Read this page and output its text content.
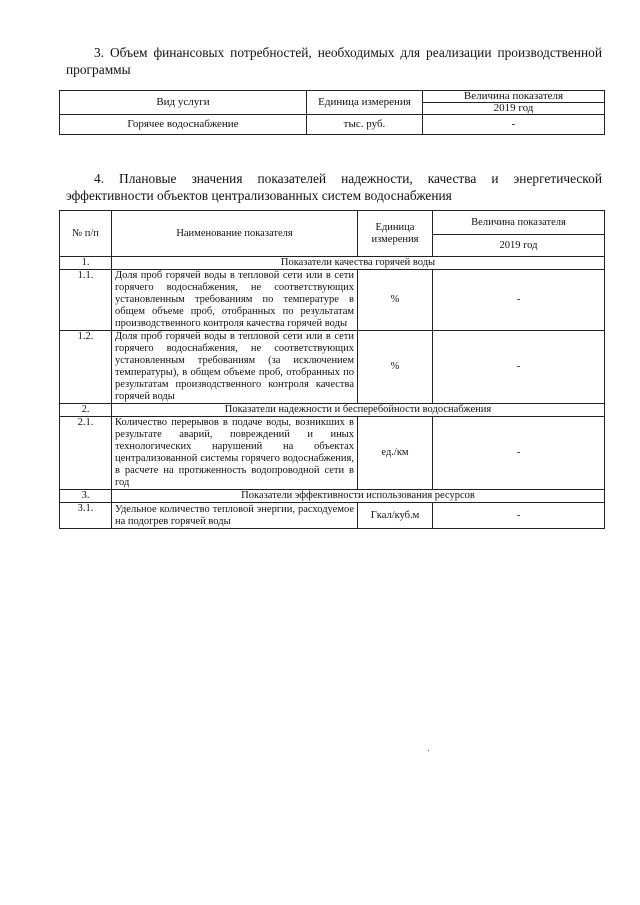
3. Объем финансовых потребностей, необходимых для реализации производственной программы
Вид услуги	Единица измерения	Величина показателя
		2019 год
Горячее водоснабжение	тыс. руб.	-
4. Плановые значения показателей надежности, качества и энергетической эффективности объектов централизованных систем водоснабжения
№ п/п	Наименование показателя	Единица измерения	Величина показателя
			2019 год
1.	Показатели качества горячей воды		
1.1.	Доля проб горячей воды в тепловой сети или в сети горячего водоснабжения, не соответствующих установленным требованиям по температуре в общем объеме проб, отобранных по результатам производственного контроля качества горячей воды	%	-
1.2.	Доля проб горячей воды в тепловой сети или в сети горячего водоснабжения, не соответствующих установленным требованиям (за исключением температуры), в общем объеме проб, отобранных по результатам производственного контроля качества горячей воды	%	-
2.	Показатели надежности и бесперебойности водоснабжения		
2.1.	Количество перерывов в подаче воды, возникших в результате аварий, повреждений и иных технологических нарушений на объектах централизованной системы горячего водоснабжения, в расчете на протяженность водопроводной сети в год	ед./км	-
3.	Показатели эффективности использования ресурсов		
3.1.	Удельное количество тепловой энергии, расходуемое на подогрев горячей воды	Гкал/куб.м	-
